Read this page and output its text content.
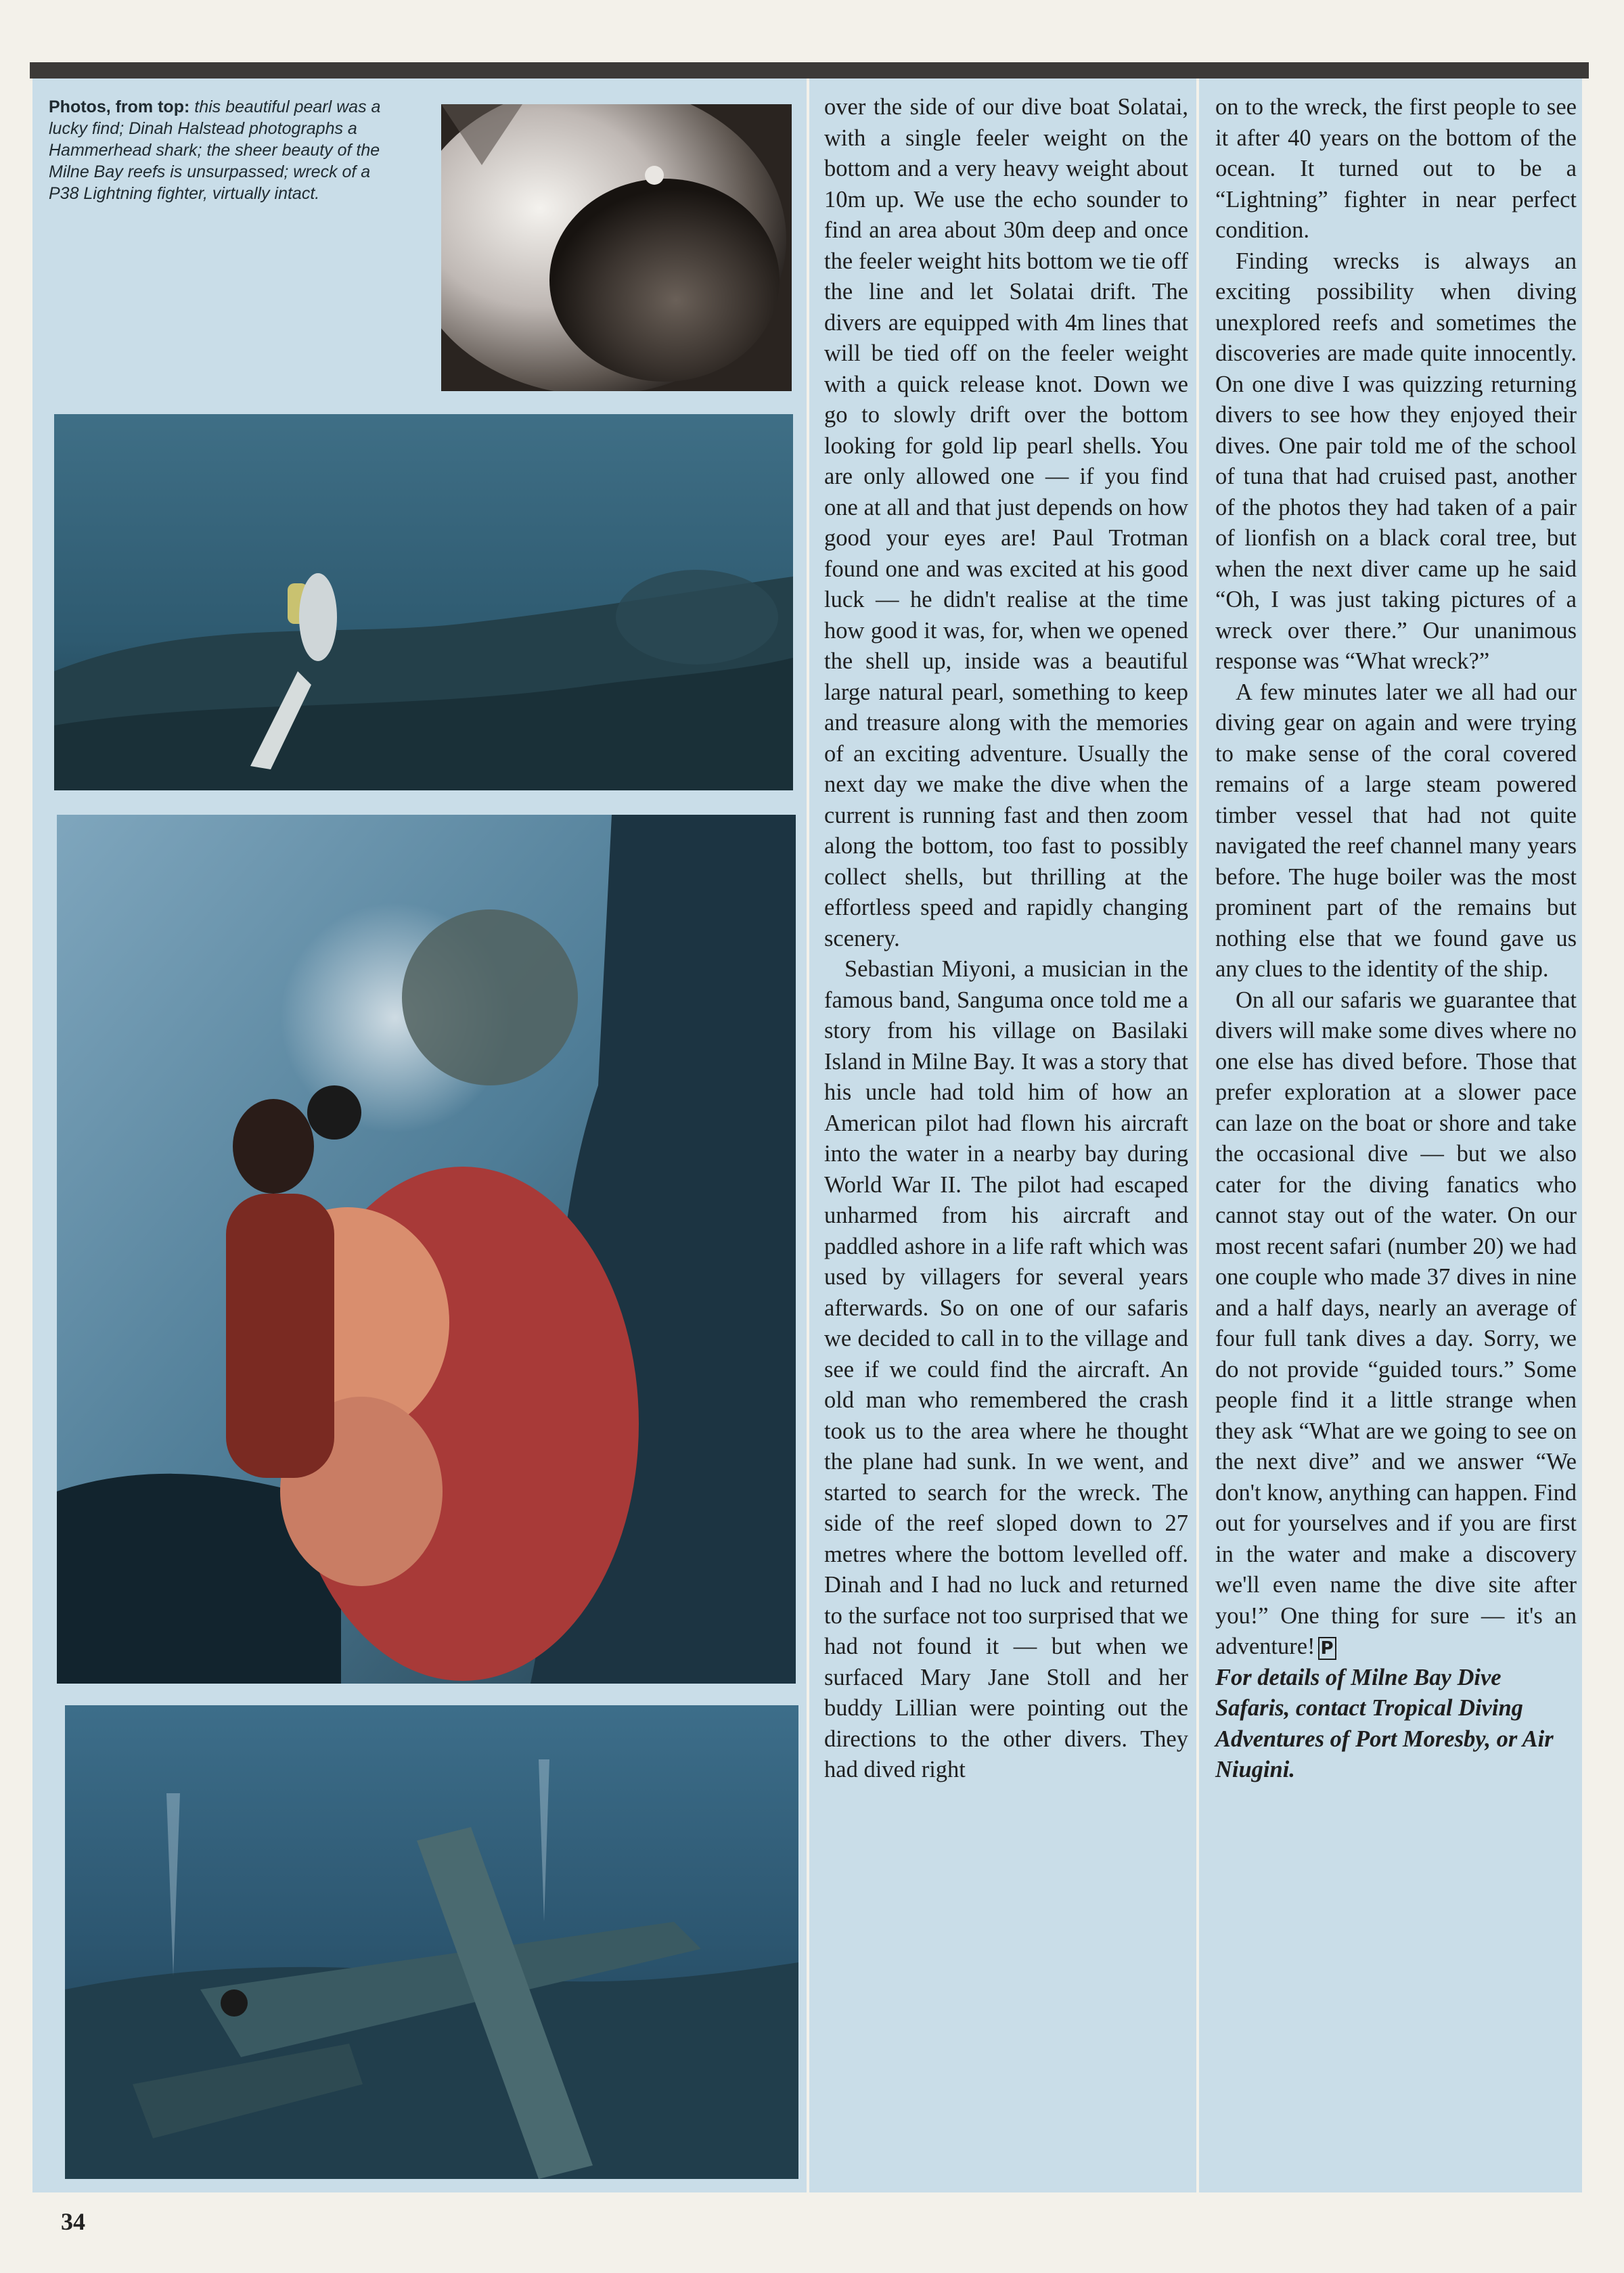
Photos, from top: this beautiful pearl was a lucky find; Dinah Halstead photographs a Hammerhead shark; the sheer beauty of the Milne Bay reefs is unsurpassed; wreck of a P38 Lightning fighter, virtually intact.

over the side of our dive boat Solatai, with a single feeler weight on the bottom and a very heavy weight about 10m up. We use the echo sounder to find an area about 30m deep and once the feeler weight hits bottom we tie off the line and let Solatai drift. The divers are equipped with 4m lines that will be tied off on the feeler weight with a quick release knot. Down we go to slowly drift over the bottom looking for gold lip pearl shells. You are only allowed one — if you find one at all and that just depends on how good your eyes are! Paul Trotman found one and was excited at his good luck — he didn't realise at the time how good it was, for, when we opened the shell up, inside was a beautiful large natural pearl, something to keep and treasure along with the memories of an exciting adventure. Usually the next day we make the dive when the current is running fast and then zoom along the bottom, too fast to possibly collect shells, but thrilling at the effortless speed and rapidly changing scenery.

Sebastian Miyoni, a musician in the famous band, Sanguma once told me a story from his village on Basilaki Island in Milne Bay. It was a story that his uncle had told him of how an American pilot had flown his aircraft into the water in a nearby bay during World War II. The pilot had escaped unharmed from his aircraft and paddled ashore in a life raft which was used by villagers for several years afterwards. So on one of our safaris we decided to call in to the village and see if we could find the aircraft. An old man who remembered the crash took us to the area where he thought the plane had sunk. In we went, and started to search for the wreck. The side of the reef sloped down to 27 metres where the bottom levelled off. Dinah and I had no luck and returned to the surface not too surprised that we had not found it — but when we surfaced Mary Jane Stoll and her buddy Lillian were pointing out the directions to the other divers. They had dived right

on to the wreck, the first people to see it after 40 years on the bottom of the ocean. It turned out to be a “Lightning” fighter in near perfect condition.

Finding wrecks is always an exciting possibility when diving unexplored reefs and sometimes the discoveries are made quite innocently. On one dive I was quizzing returning divers to see how they enjoyed their dives. One pair told me of the school of tuna that had cruised past, another of the photos they had taken of a pair of lionfish on a black coral tree, but when the next diver came up he said “Oh, I was just taking pictures of a wreck over there.” Our unanimous response was “What wreck?”

A few minutes later we all had our diving gear on again and were trying to make sense of the coral covered remains of a large steam powered timber vessel that had not quite navigated the reef channel many years before. The huge boiler was the most prominent part of the remains but nothing else that we found gave us any clues to the identity of the ship.

On all our safaris we guarantee that divers will make some dives where no one else has dived before. Those that prefer exploration at a slower pace can laze on the boat or shore and take the occasional dive — but we also cater for the diving fanatics who cannot stay out of the water. On our most recent safari (number 20) we had one couple who made 37 dives in nine and a half days, nearly an average of four full tank dives a day. Sorry, we do not provide “guided tours.” Some people find it a little strange when they ask “What are we going to see on the next dive” and we answer “We don't know, anything can happen. Find out for yourselves and if you are first in the water and make a discovery we'll even name the dive site after you!” One thing for sure — it's an adventure! P

For details of Milne Bay Dive Safaris, contact Tropical Diving Adventures of Port Moresby, or Air Niugini.

34
